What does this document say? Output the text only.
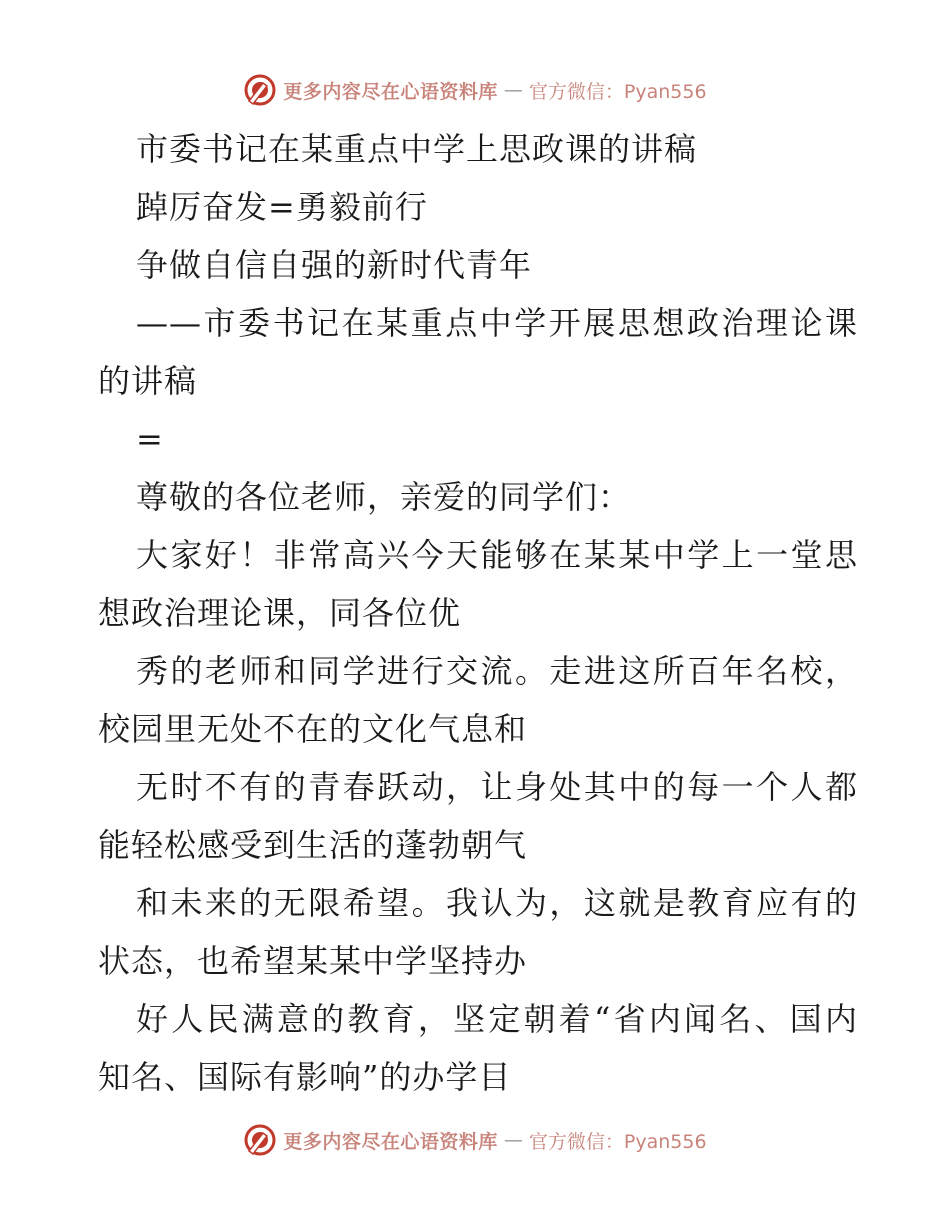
更多内容尽在心语资料库 — 官方微信：Pyan556
市委书记在某重点中学上思政课的讲稿
踔厉奋发=勇毅前行
争做自信自强的新时代青年
——市委书记在某重点中学开展思想政治理论课
的讲稿
=
尊敬的各位老师，亲爱的同学们：
大家好！非常高兴今天能够在某某中学上一堂思
想政治理论课，同各位优
秀的老师和同学进行交流。走进这所百年名校，
校园里无处不在的文化气息和
无时不有的青春跃动，让身处其中的每一个人都
能轻松感受到生活的蓬勃朝气
和未来的无限希望。我认为，这就是教育应有的
状态，也希望某某中学坚持办
好人民满意的教育，坚定朝着“省内闻名、国内
知名、国际有影响”的办学目
更多内容尽在心语资料库 — 官方微信：Pyan556
